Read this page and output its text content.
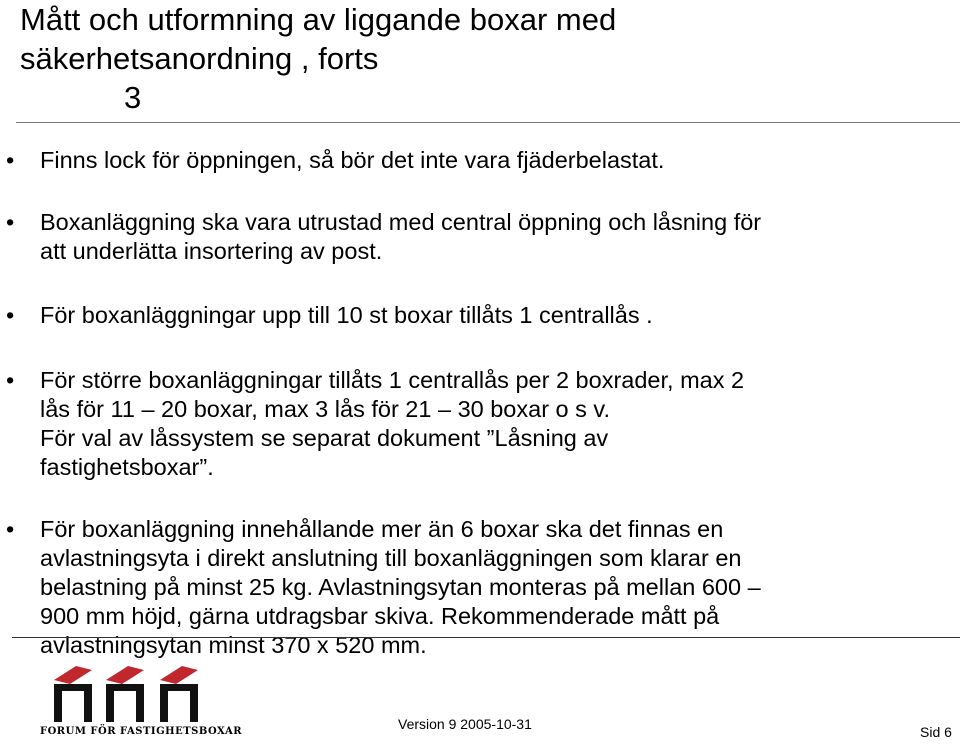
Mått och utformning av liggande boxar med
säkerhetsanordning , forts
3
• Finns lock för öppningen, så bör det inte vara fjäderbelastat.
• Boxanläggning ska vara utrustad med central öppning och låsning för
att underlätta insortering av post.
• För boxanläggningar upp till 10 st boxar tillåts 1 centrallås .
• För större boxanläggningar tillåts 1 centrallås per 2 boxrader, max 2
lås för 11 – 20 boxar, max 3 lås för 21 – 30 boxar o s v.
För val av låssystem se separat dokument ”Låsning av
fastighetsboxar”.
• För boxanläggning innehållande mer än 6 boxar ska det finnas en
avlastningsyta i direkt anslutning till boxanläggningen som klarar en
belastning på minst 25 kg. Avlastningsytan monteras på mellan 600 –
900 mm höjd, gärna utdragsbar skiva. Rekommenderade mått på
avlastningsytan minst 370 x 520 mm.
FORUM FÖR FASTIGHETSBOXAR	Version 9 2005-10-31	Sid 6
